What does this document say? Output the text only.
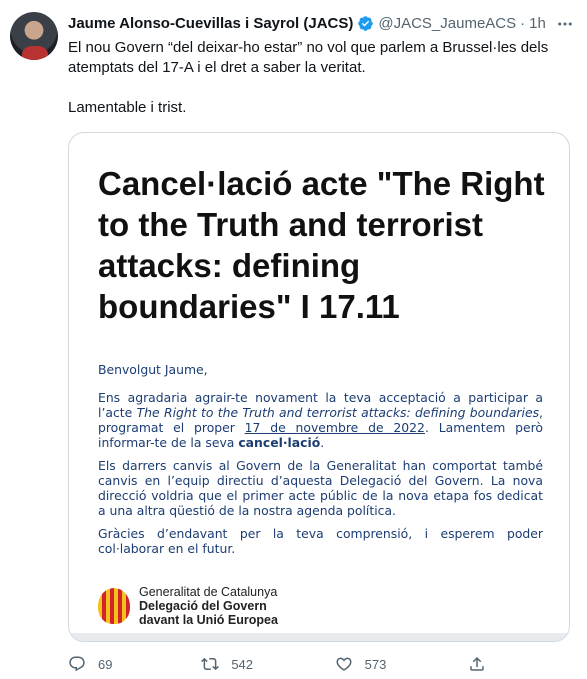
Jaume Alonso-Cuevillas i Sayrol (JACS) @JACS_JaumeACS · 1h

El nou Govern “del deixar-ho estar” no vol que parlem a Brussel·les dels atemptats del 17-A i el dret a saber la veritat.

Lamentable i trist.

Cancel·lació acte "The Right to the Truth and terrorist attacks: defining boundaries" I 17.11

Benvolgut Jaume,

Ens agradaria agrair-te novament la teva acceptació a participar a l’acte The Right to the Truth and terrorist attacks: defining boundaries, programat el proper 17 de novembre de 2022. Lamentem però informar-te de la seva cancel·lació.

Els darrers canvis al Govern de la Generalitat han comportat també canvis en l’equip directiu d’aquesta Delegació del Govern. La nova direcció voldria que el primer acte públic de la nova etapa fos dedicat a una altra qüestió de la nostra agenda política.

Gràcies d’endavant per la teva comprensió, i esperem poder col·laborar en el futur.

Generalitat de Catalunya
Delegació del Govern
davant la Unió Europea
69	542	573
